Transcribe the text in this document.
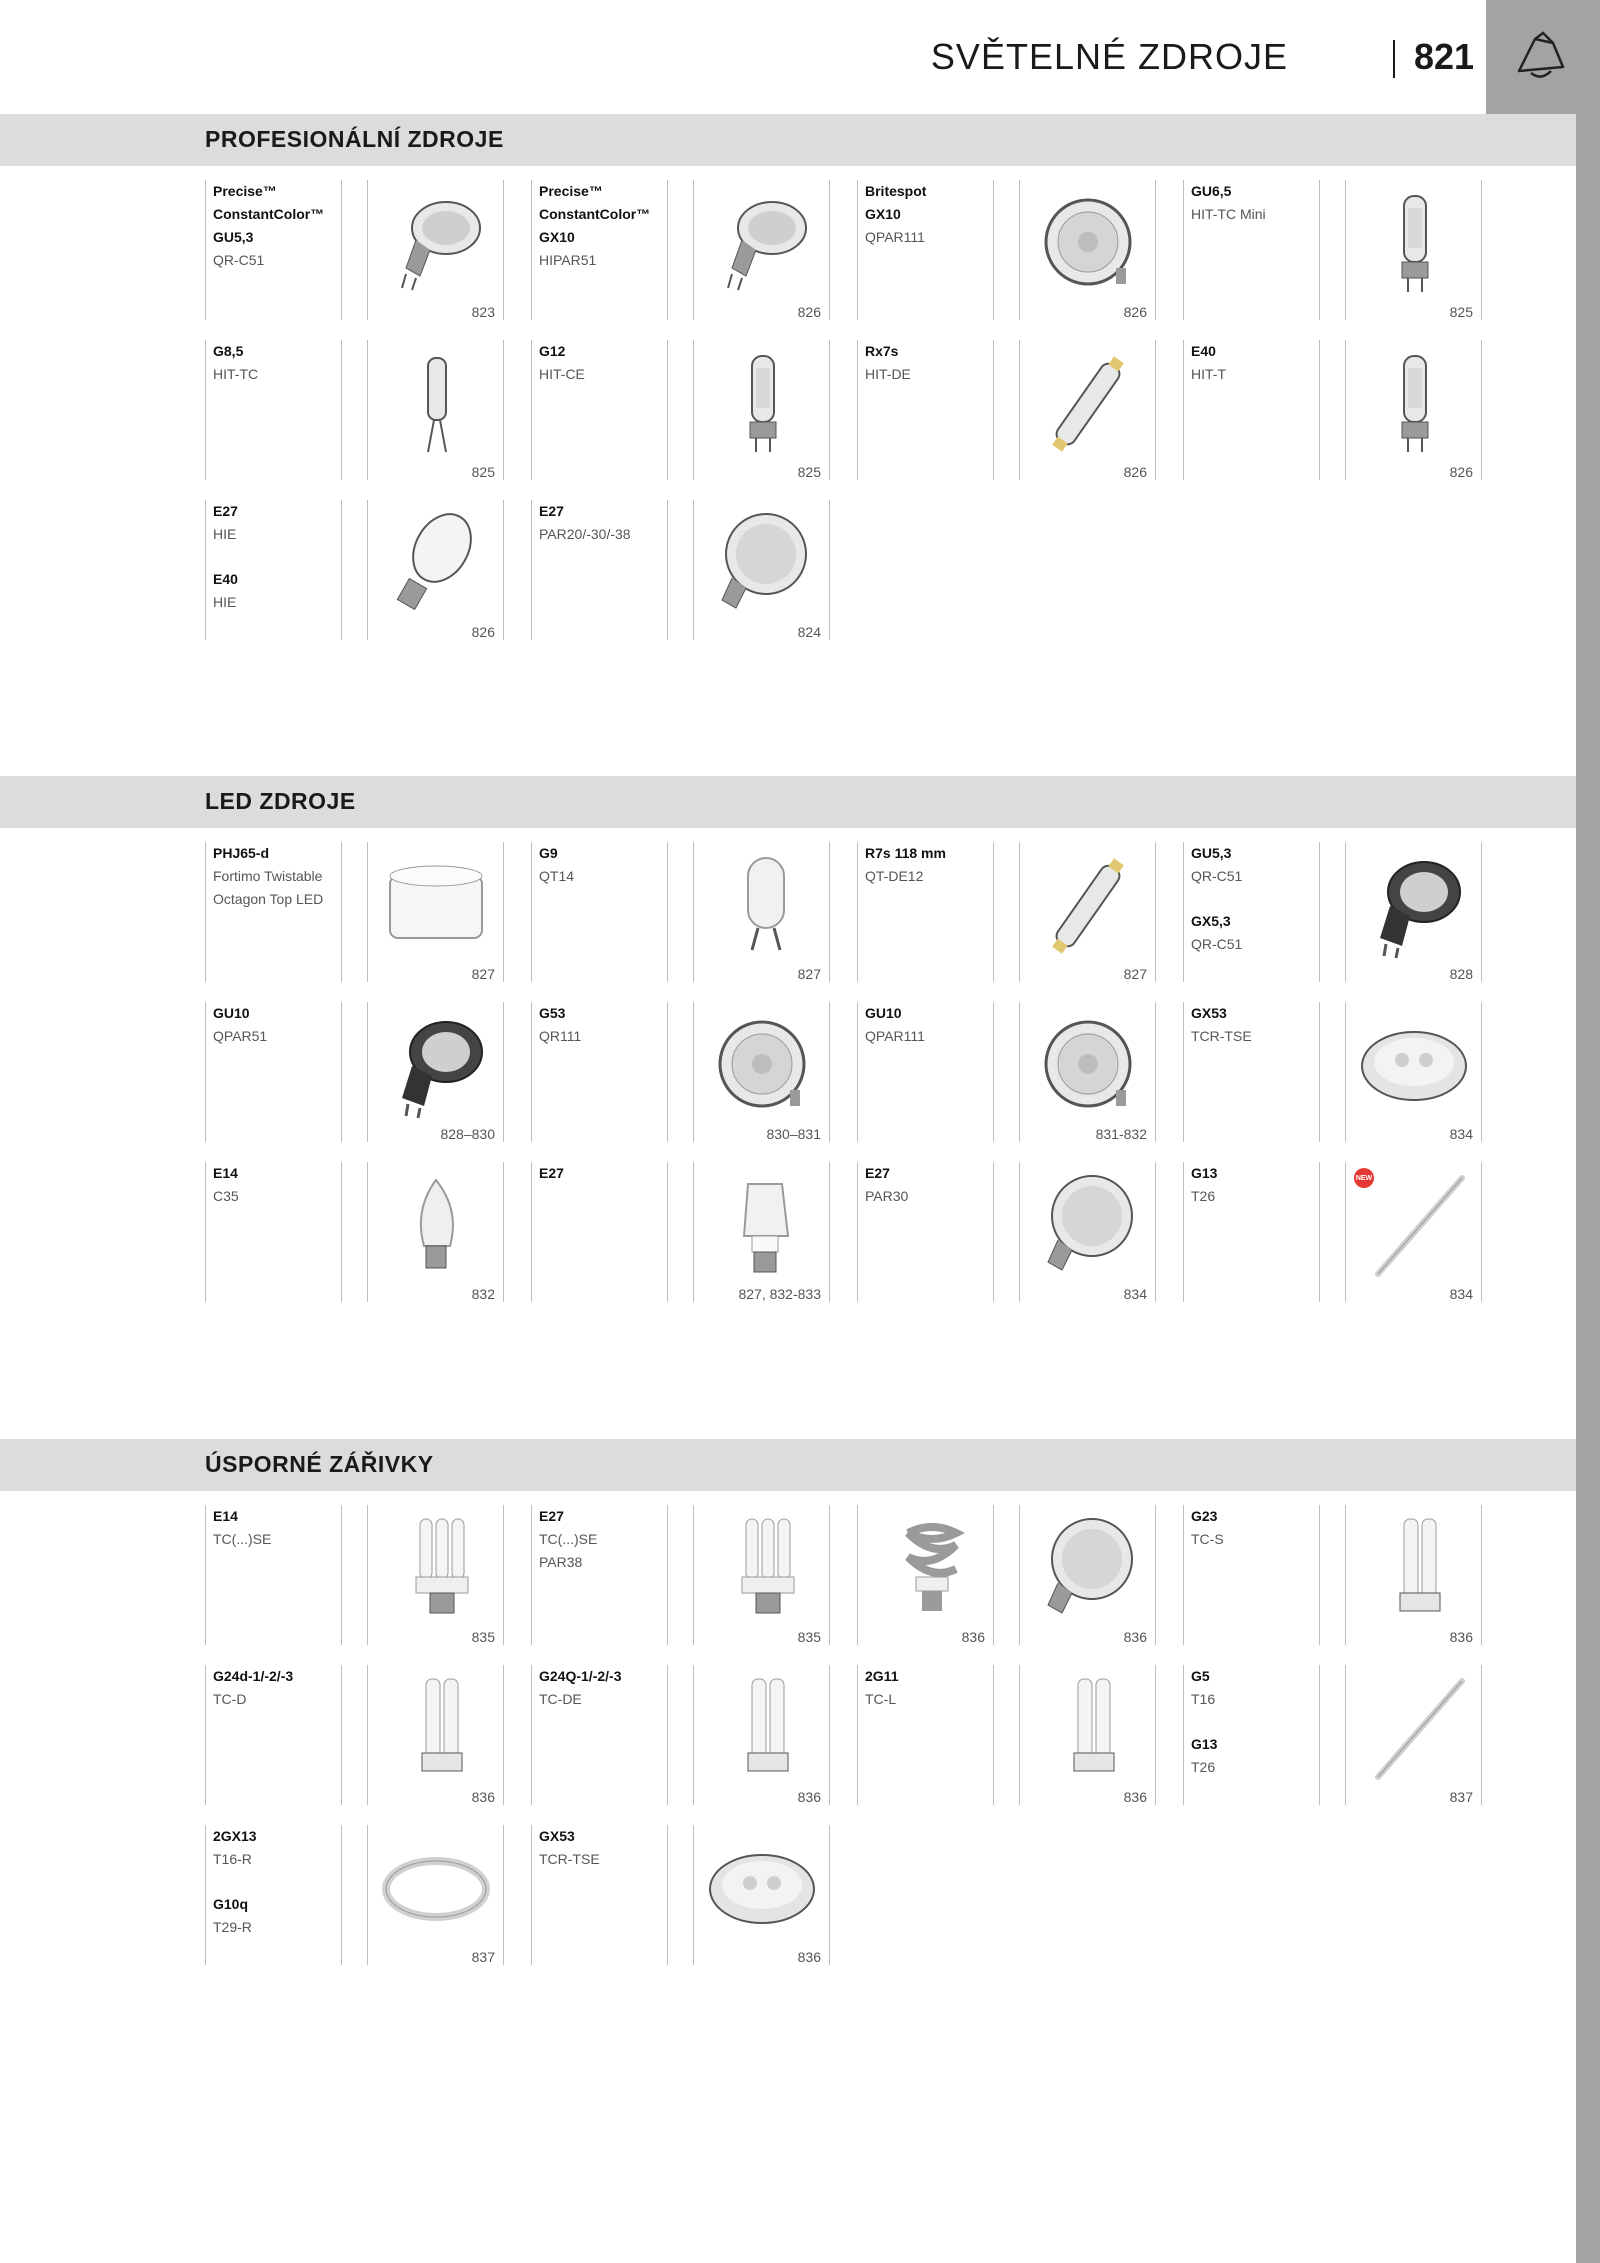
SVĚTELNÉ ZDROJE	821
PROFESIONÁLNÍ ZDROJE
Precise™
ConstantColor™
GU5,3
QR-C51
823
Precise™
ConstantColor™
GX10
HIPAR51
826
Britespot
GX10
QPAR111
826
GU6,5
HIT-TC Mini
825
G8,5
HIT-TC
825
G12
HIT-CE
825
Rx7s
HIT-DE
826
E40
HIT-T
826
E27
HIE
E40
HIE
826
E27
PAR20/-30/-38
824
LED ZDROJE
PHJ65-d
Fortimo Twistable
Octagon Top LED
827
G9
QT14
827
R7s 118 mm
QT-DE12
827
GU5,3
QR-C51
GX5,3
QR-C51
828
GU10
QPAR51
828–830
G53
QR111
830–831
GU10
QPAR111
831-832
GX53
TCR-TSE
834
E14
C35
832
E27
827, 832-833
E27
PAR30
834
G13
T26
834
NEW
ÚSPORNÉ ZÁŘIVKY
E14
TC(...)SE
835
E27
TC(...)SE
PAR38
835	836	836
G23
TC-S
836
G24d-1/-2/-3
TC-D
836
G24Q-1/-2/-3
TC-DE
836
2G11
TC-L
836
G5
T16
G13
T26
837
2GX13
T16-R
G10q
T29-R
837
GX53
TCR-TSE
836
